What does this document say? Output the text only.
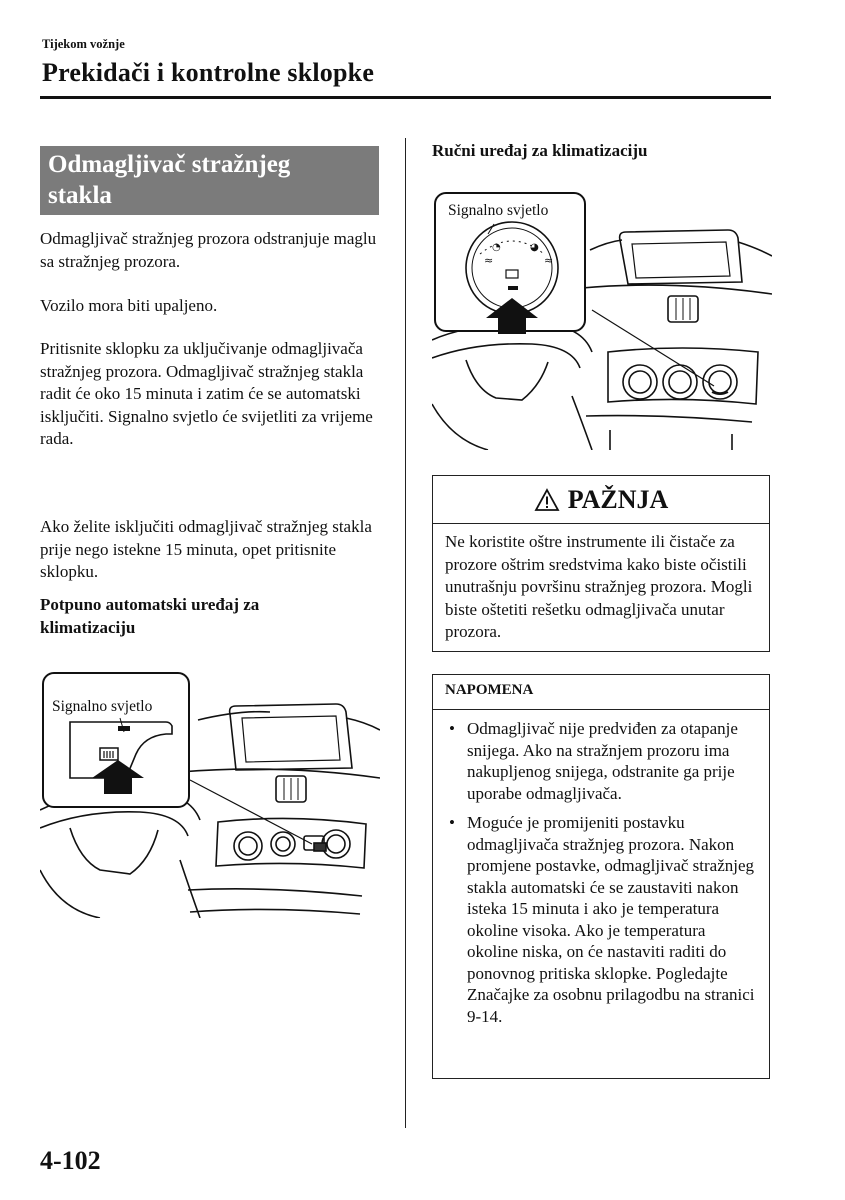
Tijekom vožnje
Prekidači i kontrolne sklopke
Odmagljivač stražnjeg
stakla

Odmagljivač stražnjeg prozora odstranjuje maglu sa stražnjeg prozora.

Vozilo mora biti upaljeno.

Pritisnite sklopku za uključivanje odmagljivača stražnjeg prozora. Odmagljivač stražnjeg stakla radit će oko 15 minuta i zatim će se automatski isključiti. Signalno svjetlo će svijetliti za vrijeme rada.

Ako želite isključiti odmagljivač stražnjeg stakla prije nego istekne 15 minuta, opet pritisnite sklopku.

Potpuno automatski uređaj za klimatizaciju

Signalno svjetlo

Ručni uređaj za klimatizaciju

≈
◔	◕
≈
Signalno svjetlo
PAŽNJA
Ne koristite oštre instrumente ili čistače za prozore oštrim sredstvima kako biste očistili unutrašnju površinu stražnjeg prozora. Mogli biste oštetiti rešetku odmagljivača unutar prozora.
NAPOMENA
• Odmagljivač nije predviđen za otapanje snijega. Ako na stražnjem prozoru ima nakupljenog snijega, odstranite ga prije uporabe odmagljivača.
• Moguće je promijeniti postavku odmagljivača stražnjeg prozora. Nakon promjene postavke, odmagljivač stražnjeg stakla automatski će se zaustaviti nakon isteka 15 minuta i ako je temperatura okoline visoka. Ako je temperatura okoline niska, on će nastaviti raditi do ponovnog pritiska sklopke. Pogledajte Značajke za osobnu prilagodbu na stranici 9-14.
4-102
